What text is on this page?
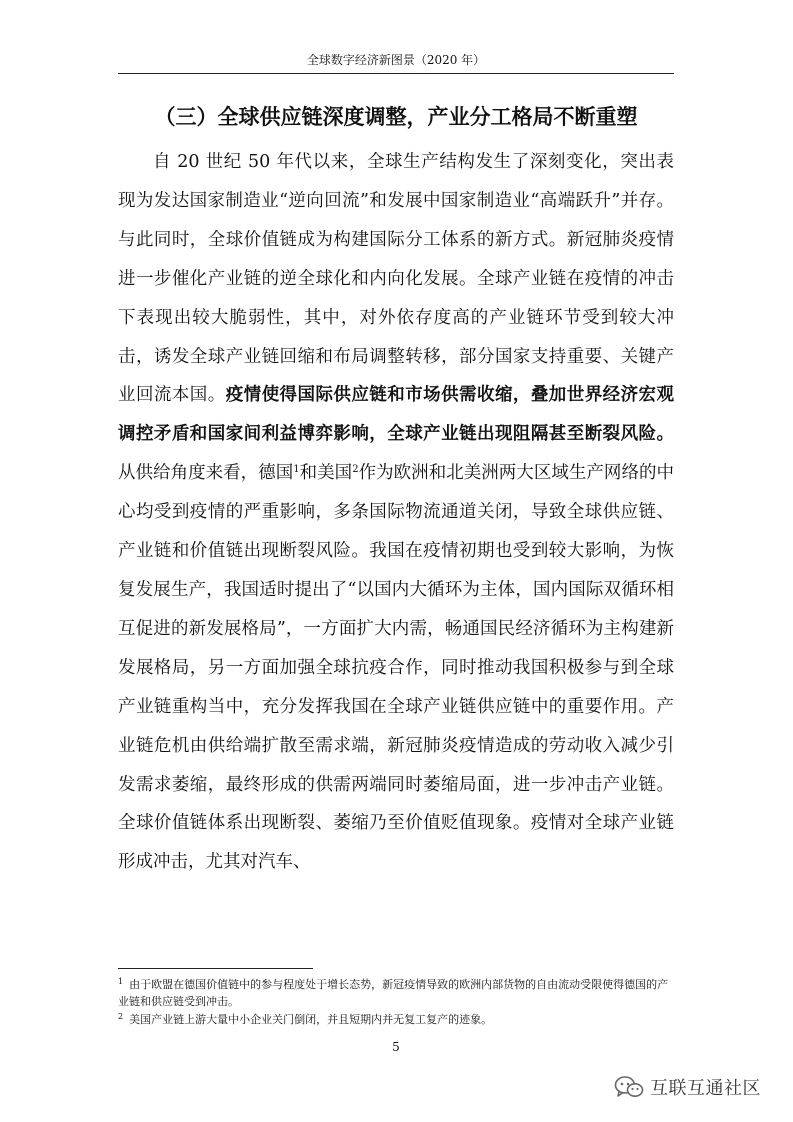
全球数字经济新图景（2020 年）
（三）全球供应链深度调整，产业分工格局不断重塑
自 20 世纪 50 年代以来，全球生产结构发生了深刻变化，突出表现为发达国家制造业“逆向回流”和发展中国家制造业“高端跃升”并存。与此同时，全球价值链成为构建国际分工体系的新方式。新冠肺炎疫情进一步催化产业链的逆全球化和内向化发展。全球产业链在疫情的冲击下表现出较大脆弱性，其中，对外依存度高的产业链环节受到较大冲击，诱发全球产业链回缩和布局调整转移，部分国家支持重要、关键产业回流本国。疫情使得国际供应链和市场供需收缩，叠加世界经济宏观调控矛盾和国家间利益博弈影响，全球产业链出现阻隔甚至断裂风险。从供给角度来看，德国$^1$和美国$^2$作为欧洲和北美洲两大区域生产网络的中心均受到疫情的严重影响，多条国际物流通道关闭，导致全球供应链、产业链和价值链出现断裂风险。我国在疫情初期也受到较大影响，为恢复发展生产，我国适时提出了“以国内大循环为主体，国内国际双循环相互促进的新发展格局”，一方面扩大内需，畅通国民经济循环为主构建新发展格局，另一方面加强全球抗疫合作，同时推动我国积极参与到全球产业链重构当中，充分发挥我国在全球产业链供应链中的重要作用。产业链危机由供给端扩散至需求端，新冠肺炎疫情造成的劳动收入减少引发需求萎缩，最终形成的供需两端同时萎缩局面，进一步冲击产业链。全球价值链体系出现断裂、萎缩乃至价值贬值现象。疫情对全球产业链形成冲击，尤其对汽车、
$^1$ 由于欧盟在德国价值链中的参与程度处于增长态势，新冠疫情导致的欧洲内部货物的自由流动受限使得德国的产业链和供应链受到冲击。
$^2$ 美国产业链上游大量中小企业关门倒闭，并且短期内并无复工复产的迹象。
5
互联互通社区
